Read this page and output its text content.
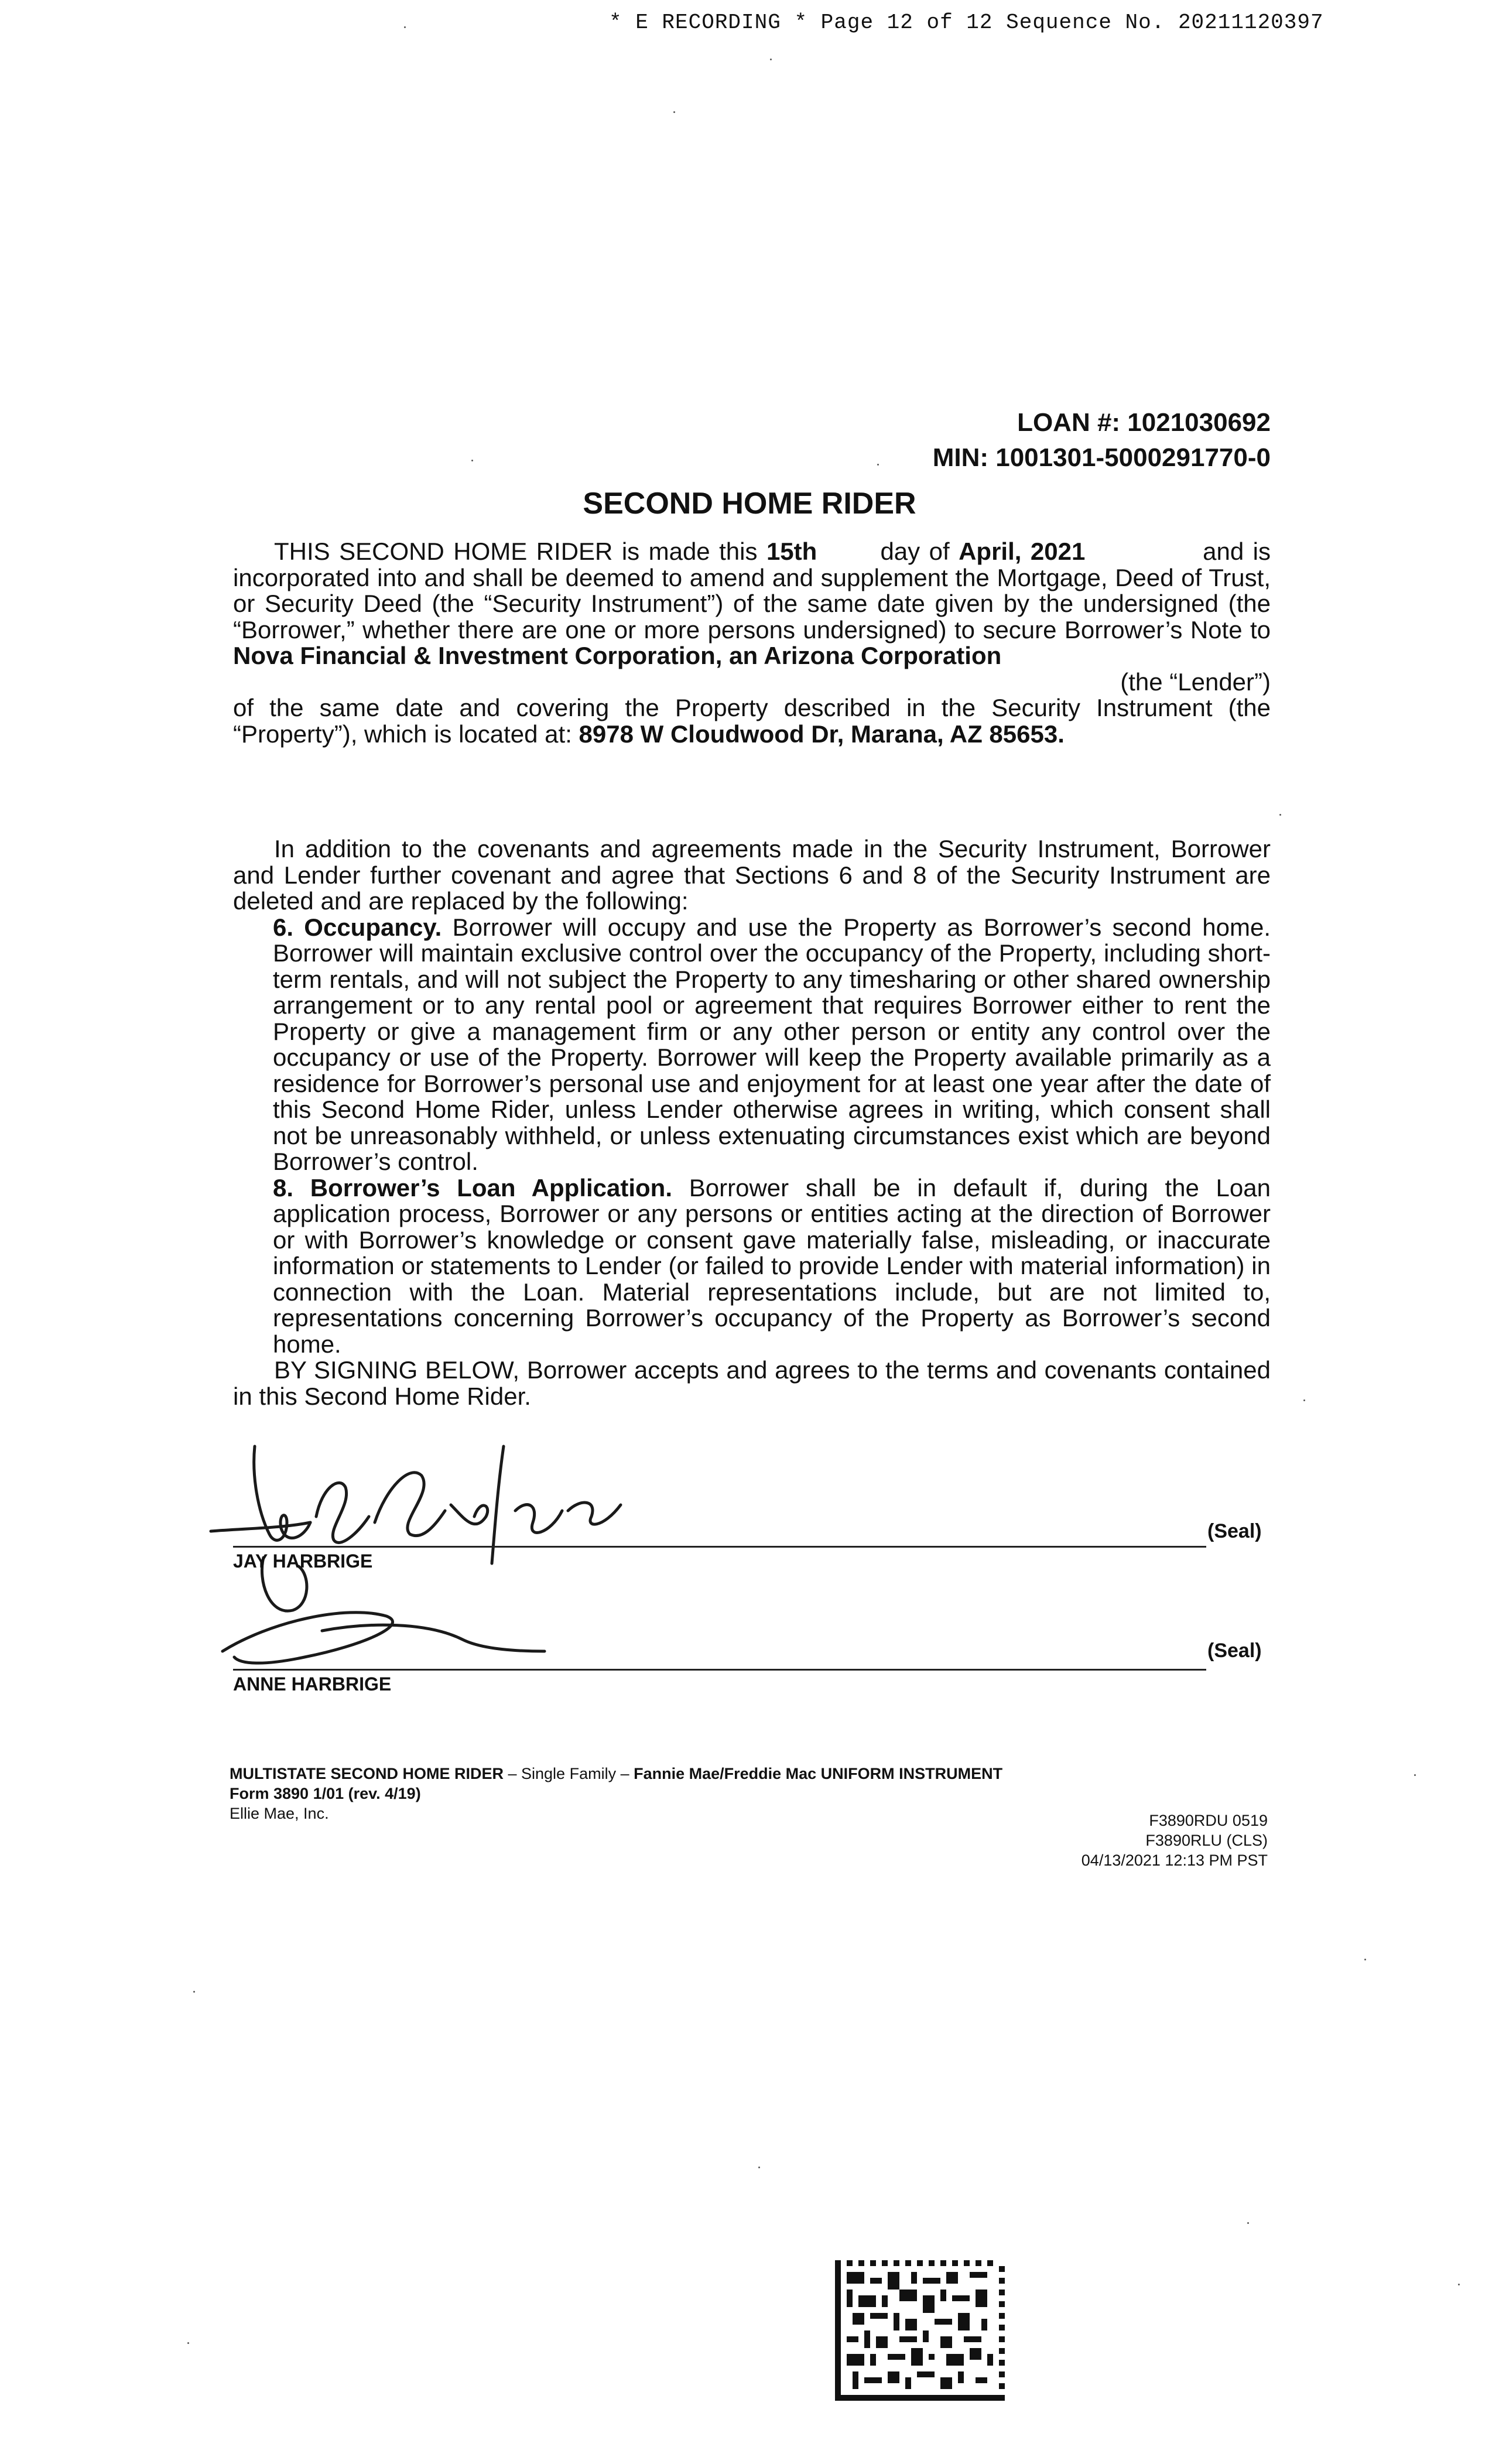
* E RECORDING * Page 12 of 12 Sequence No. 20211120397
LOAN #: 1021030692
MIN: 1001301-5000291770-0
SECOND HOME RIDER
THIS SECOND HOME RIDER is made this 15th	day of April, 2021	and is incorporated into and shall be deemed to amend and supplement the Mortgage, Deed of Trust, or Security Deed (the “Security Instrument”) of the same date given by the undersigned (the “Borrower,” whether there are one or more persons undersigned) to secure Borrower’s Note to Nova Financial & Investment Corporation, an Arizona Corporation
(the “Lender”)
of the same date and covering the Property described in the Security Instrument (the “Property”), which is located at: 8978 W Cloudwood Dr, Marana, AZ 85653.
In addition to the covenants and agreements made in the Security Instrument, Borrower and Lender further covenant and agree that Sections 6 and 8 of the Security Instrument are deleted and are replaced by the following:
6. Occupancy. Borrower will occupy and use the Property as Borrower’s second home. Borrower will maintain exclusive control over the occupancy of the Property, including short-term rentals, and will not subject the Property to any timesharing or other shared ownership arrangement or to any rental pool or agreement that requires Borrower either to rent the Property or give a management firm or any other person or entity any control over the occupancy or use of the Property. Borrower will keep the Property available primarily as a residence for Borrower’s personal use and enjoyment for at least one year after the date of this Second Home Rider, unless Lender otherwise agrees in writing, which consent shall not be unreasonably withheld, or unless extenuating circumstances exist which are beyond Borrower’s control.
8. Borrower’s Loan Application. Borrower shall be in default if, during the Loan application process, Borrower or any persons or entities acting at the direction of Borrower or with Borrower’s knowledge or consent gave materially false, misleading, or inaccurate information or statements to Lender (or failed to provide Lender with material information) in connection with the Loan. Material representations include, but are not limited to, representations concerning Borrower’s occupancy of the Property as Borrower’s second home.
BY SIGNING BELOW, Borrower accepts and agrees to the terms and covenants contained in this Second Home Rider.
JAY HARBRIGE
(Seal)
ANNE HARBRIGE
(Seal)
MULTISTATE SECOND HOME RIDER – Single Family – Fannie Mae/Freddie Mac UNIFORM INSTRUMENT
Form 3890 1/01 (rev. 4/19)
Ellie Mae, Inc.	F3890RDU 0519
F3890RLU (CLS)
04/13/2021 12:13 PM PST
